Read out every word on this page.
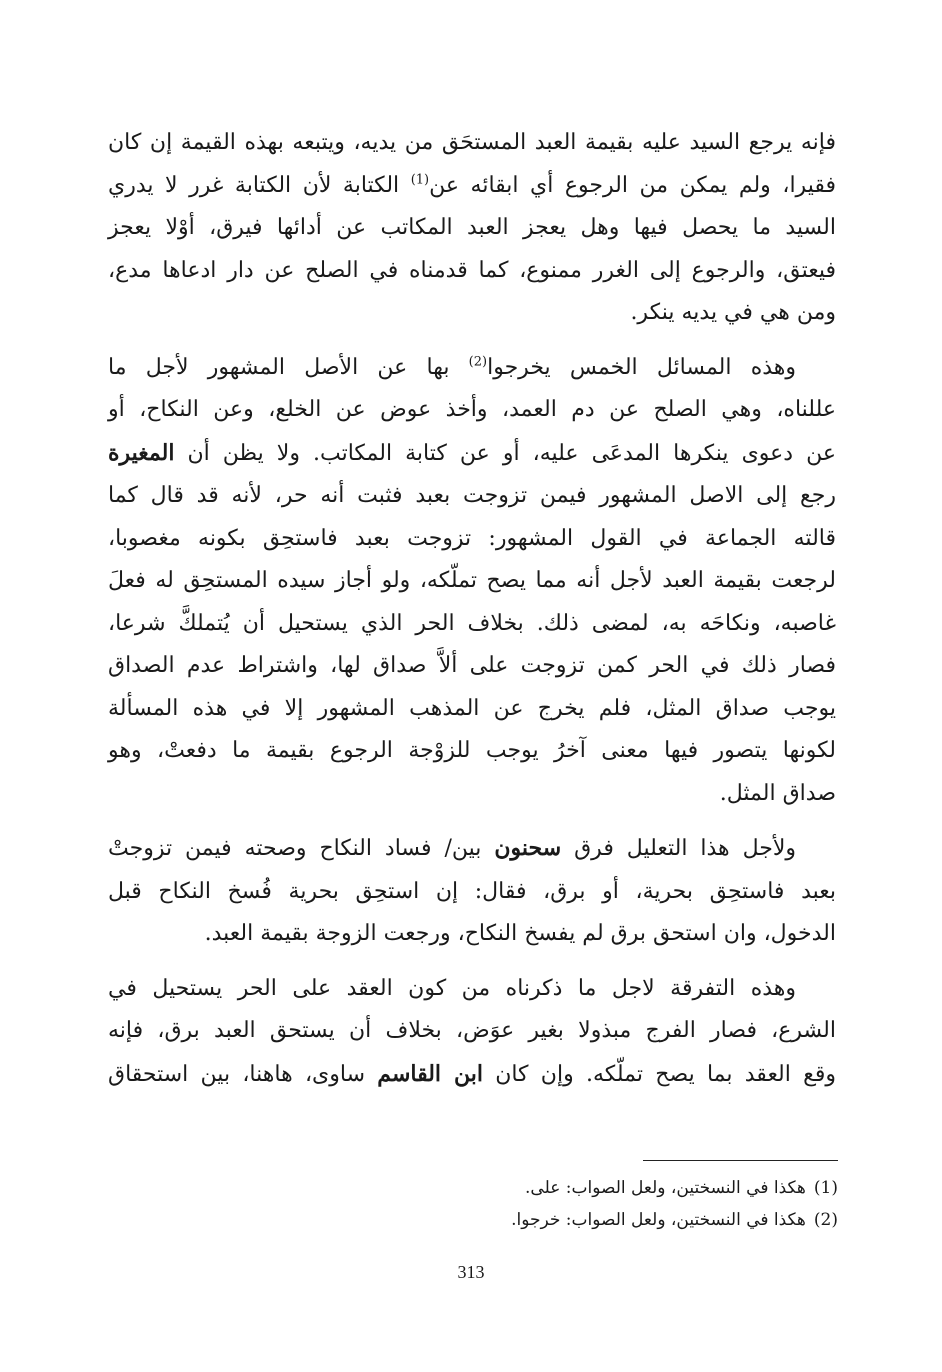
فإنه يرجع السيد عليه بقيمة العبد المستحَق من يديه، ويتبعه بهذه القيمة إن كان
فقيرا، ولم يمكن من الرجوع أي ابقائه عن$^{(1)}$ الكتابة لأن الكتابة غرر لا يدري
السيد ما يحصل فيها وهل يعجز العبد المكاتب عن أدائها فيرق، أوْلا يعجز
فيعتق، والرجوع إلى الغرر ممنوع، كما قدمناه في الصلح عن دار ادعاها مدع،
ومن هي في يديه ينكر.

وهذه المسائل الخمس يخرجوا$^{(2)}$ بها عن الأصل المشهور لأجل ما
عللناه، وهي الصلح عن دم العمد، وأخذ عوض عن الخلع، وعن النكاح، أو
عن دعوى ينكرها المدعَى عليه، أو عن كتابة المكاتب. ولا يظن أن المغيرة
رجع إلى الاصل المشهور فيمن تزوجت بعبد فثبت أنه حر، لأنه قد قال كما
قالته الجماعة في القول المشهور: تزوجت بعبد فاستحِق بكونه مغصوبا،
لرجعت بقيمة العبد لأجل أنه مما يصح تملّكه، ولو أجاز سيده المستحِق له فعلَ
غاصبه، ونكاحَه به، لمضى ذلك. بخلاف الحر الذي يستحيل أن يُتملكَّ شرعا،
فصار ذلك في الحر كمن تزوجت على ألاَّ صداق لها، واشتراط عدم الصداق
يوجب صداق المثل، فلم يخرج عن المذهب المشهور إلا في هذه المسألة
لكونها يتصور فيها معنى آخرُ يوجب للزوْجة الرجوع بقيمة ما دفعتْ، وهو
صداق المثل.

ولأجل هذا التعليل فرق سحنون بين/ فساد النكاح وصحته فيمن تزوجتْ
بعبد فاستحِق بحرية، أو برق، فقال: إن استحِق بحرية فُسخ النكاح قبل
الدخول، وان استحق برق لم يفسخ النكاح، ورجعت الزوجة بقيمة العبد.

وهذه التفرقة لاجل ما ذكرناه من كون العقد على الحر يستحيل في
الشرع، فصار الفرج مبذولا بغير عوَض، بخلاف أن يستحق العبد برق، فإنه
وقع العقد بما يصح تملّكه. وإن كان ابن القاسم ساوى، هاهنا، بين استحقاق

(1)هكذا في النسختين، ولعل الصواب: على.
(2)هكذا في النسختين، ولعل الصواب: خرجوا.
313
